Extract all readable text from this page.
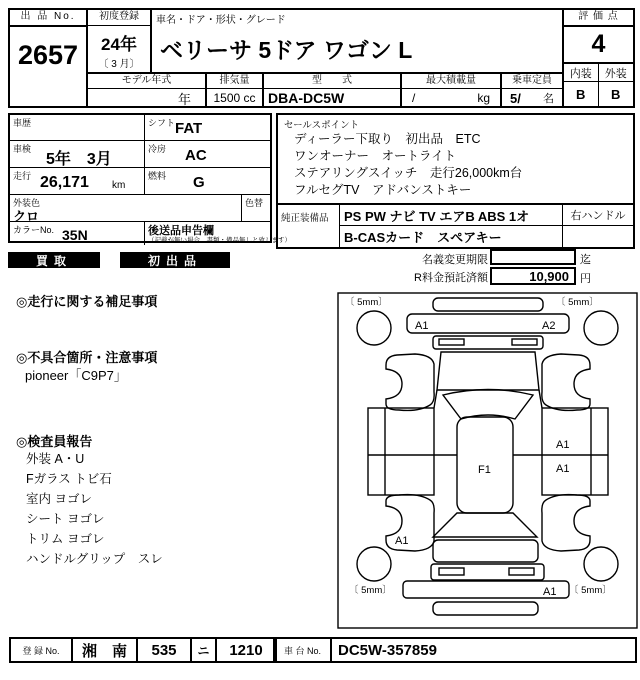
出 品 No.
2657
初度登録
24年
〔 3 月〕
車名・ドア・形状・グレード
ベリーサ 5ドア ワゴン L
評 価 点
4
内装	外装
B	B
モデル年式
年
排気量
1500 cc
型　　式
DBA-DC5W
最大積載量
/	kg
乗車定員
5/ 名
車歴	シフト FAT
車検
5年　3月
冷房 AC
走行 26,171 km
燃料 G
外装色
クロ
色替
カラーNo. 35N	後送品申告欄
（記載が無い場合、書類・備品無しと致します）
セールスポイント
ディーラー下取り　初出品　ETC
ワンオーナー　オートライト
ステアリングスイッチ　走行26,000km台
フルセグTV　アドバンストキー
純正装備品	PS PW ナビ TV エアB ABS 1オ	右ハンドル
B-CASカード　スペアキー
買取	初出品	名義変更期限	迄
R料金預託済額	10,900	円
◎走行に関する補足事項
◎不具合箇所・注意事項
pioneer「C9P7」
◎検査員報告
外装 A・U
Fガラス トビ石
室内 ヨゴレ
シート ヨゴレ
トリム ヨゴレ
ハンドルグリップ　スレ
〔 5mm〕	〔 5mm〕
〔 5mm〕	〔 5mm〕
A1	A2
F1
A1
A1
A1
A1
登 録 No.	湘　南	535	ニ	1210	車 台 No.	DC5W-357859
